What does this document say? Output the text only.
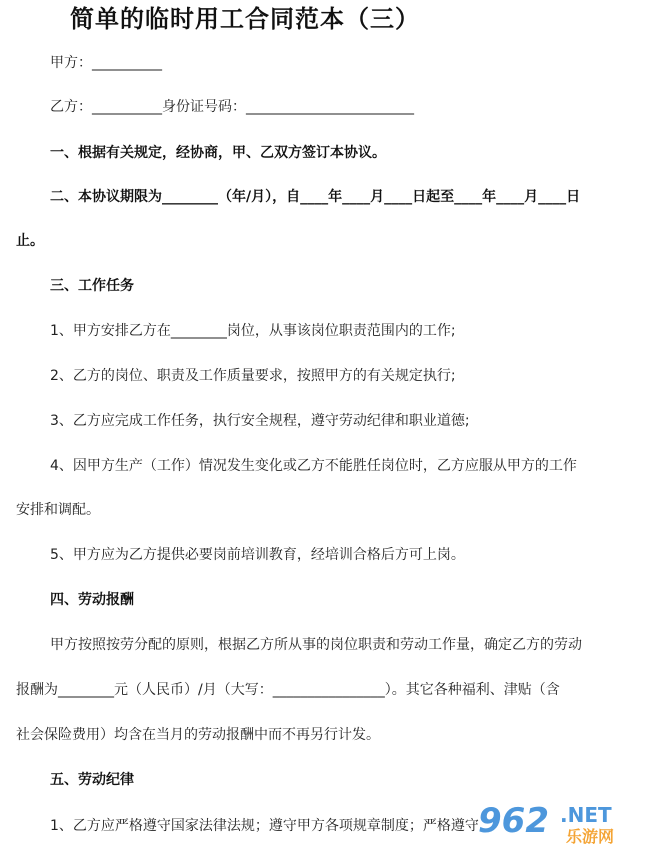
简单的临时用工合同范本（三）
甲方：__________
乙方：__________身份证号码：________________________
一、根据有关规定，经协商，甲、乙双方签订本协议。
二、本协议期限为________（年/月），自____年____月____日起至____年____月____日
止。
三、工作任务
1、甲方安排乙方在________岗位，从事该岗位职责范围内的工作;
2、乙方的岗位、职责及工作质量要求，按照甲方的有关规定执行;
3、乙方应完成工作任务，执行安全规程，遵守劳动纪律和职业道德;
4、因甲方生产（工作）情况发生变化或乙方不能胜任岗位时，乙方应服从甲方的工作
安排和调配。
5、甲方应为乙方提供必要岗前培训教育，经培训合格后方可上岗。
四、劳动报酬
甲方按照按劳分配的原则，根据乙方所从事的岗位职责和劳动工作量，确定乙方的劳动
报酬为________元（人民币）/月（大写：________________）。其它各种福利、津贴（含
社会保险费用）均含在当月的劳动报酬中而不再另行计发。
五、劳动纪律
1、乙方应严格遵守国家法律法规；遵守甲方各项规章制度；严格遵守 962 .NET
乐游网
